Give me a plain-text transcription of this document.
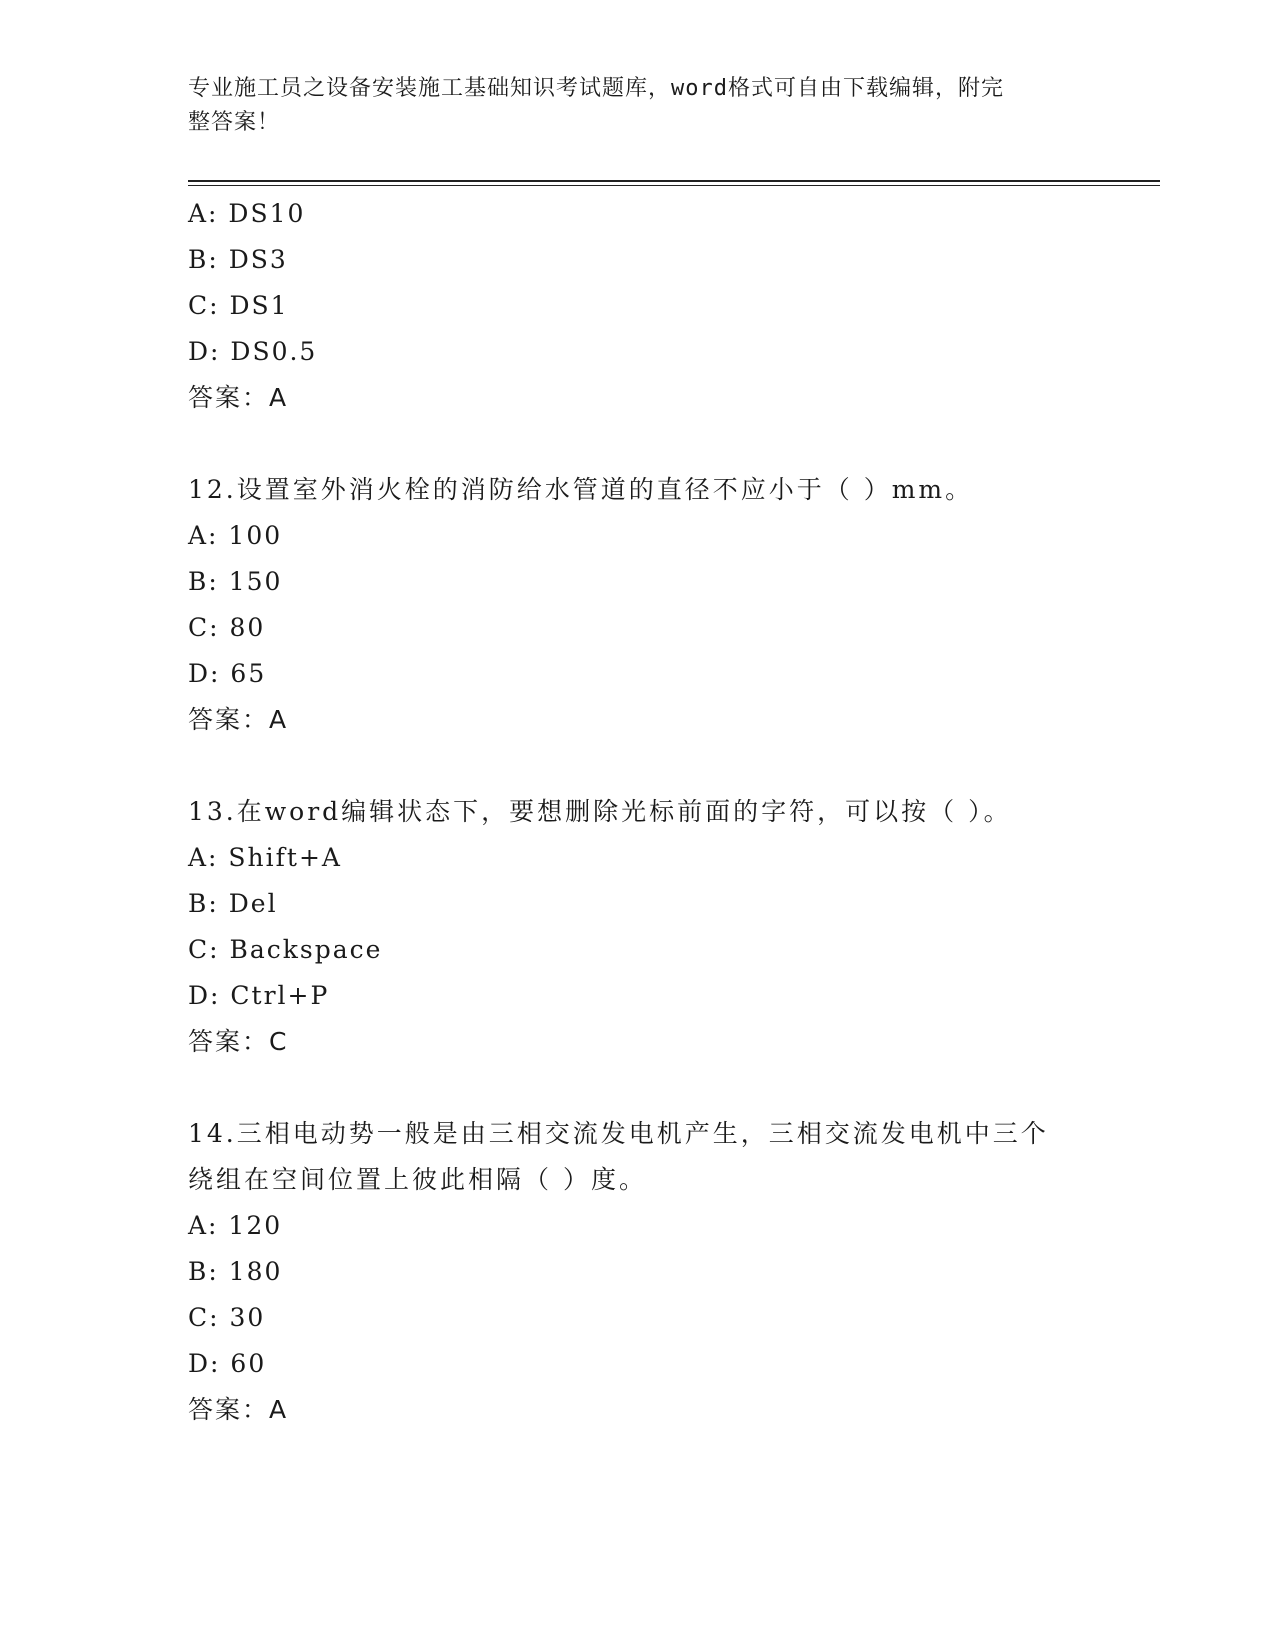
专业施工员之设备安装施工基础知识考试题库，word格式可自由下载编辑，附完
整答案！
A: DS10
B: DS3
C: DS1
D: DS0.5
答案：A
12.设置室外消火栓的消防给水管道的直径不应小于（ ）mm。
A: 100
B: 150
C: 80
D: 65
答案：A
13.在word编辑状态下，要想删除光标前面的字符，可以按（ ）。
A: Shift+A
B: Del
C: Backspace
D: Ctrl+P
答案：C
14.三相电动势一般是由三相交流发电机产生，三相交流发电机中三个
绕组在空间位置上彼此相隔（ ）度。
A: 120
B: 180
C: 30
D: 60
答案：A
